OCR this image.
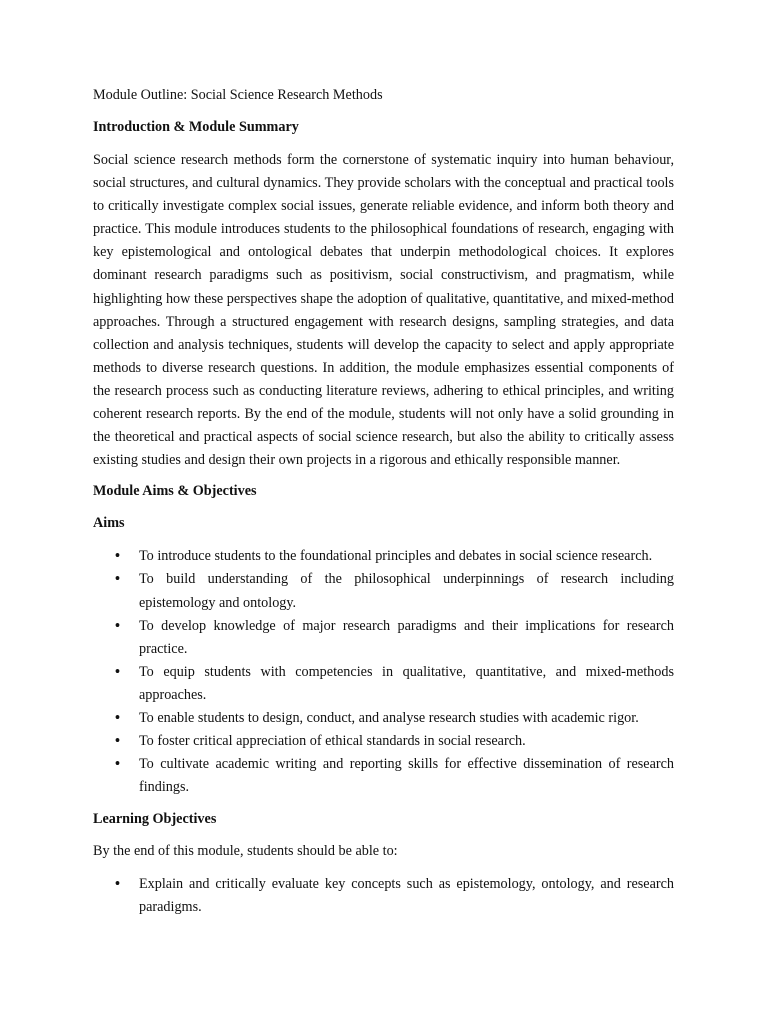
Module Outline: Social Science Research Methods

Introduction & Module Summary

Social science research methods form the cornerstone of systematic inquiry into human behaviour, social structures, and cultural dynamics. They provide scholars with the conceptual and practical tools to critically investigate complex social issues, generate reliable evidence, and inform both theory and practice. This module introduces students to the philosophical foundations of research, engaging with key epistemological and ontological debates that underpin methodological choices. It explores dominant research paradigms such as positivism, social constructivism, and pragmatism, while highlighting how these perspectives shape the adoption of qualitative, quantitative, and mixed-method approaches. Through a structured engagement with research designs, sampling strategies, and data collection and analysis techniques, students will develop the capacity to select and apply appropriate methods to diverse research questions. In addition, the module emphasizes essential components of the research process such as conducting literature reviews, adhering to ethical principles, and writing coherent research reports. By the end of the module, students will not only have a solid grounding in the theoretical and practical aspects of social science research, but also the ability to critically assess existing studies and design their own projects in a rigorous and ethically responsible manner.

Module Aims & Objectives

Aims

• To introduce students to the foundational principles and debates in social science research.
• To build understanding of the philosophical underpinnings of research including epistemology and ontology.
• To develop knowledge of major research paradigms and their implications for research practice.
• To equip students with competencies in qualitative, quantitative, and mixed-methods approaches.
• To enable students to design, conduct, and analyse research studies with academic rigor.
• To foster critical appreciation of ethical standards in social research.
• To cultivate academic writing and reporting skills for effective dissemination of research findings.

Learning Objectives

By the end of this module, students should be able to:

• Explain and critically evaluate key concepts such as epistemology, ontology, and research paradigms.
